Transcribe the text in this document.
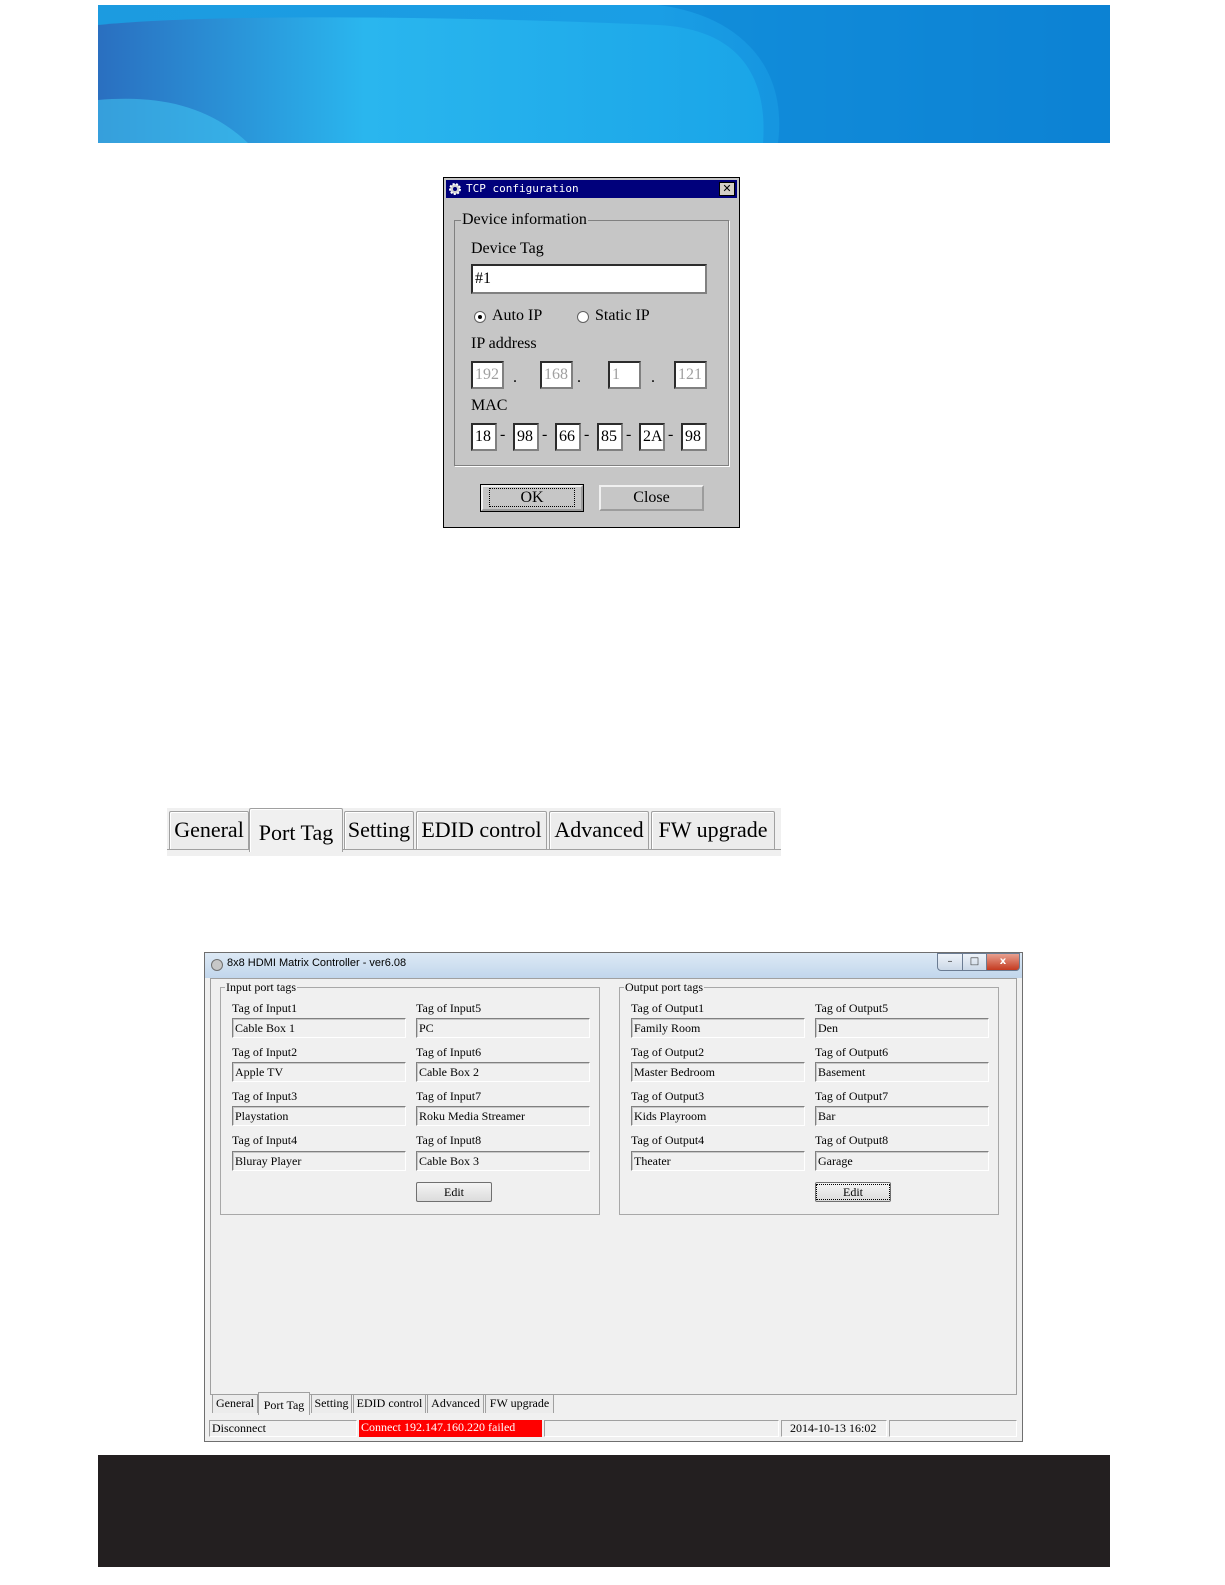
TCP configuration	✕
Device information
Device Tag
#1
Auto IP	Static IP
IP address
192 . 168 . 1	. 121
MAC
18 - 98 - 66 - 85 - 2A - 98
OK	Close
General Port Tag Setting EDID control Advanced FW upgrade
8x8 HDMI Matrix Controller - ver6.08	–	□	x
Input port tags
Tag of Input1
Cable Box 1
Tag of Input2
Apple TV
Tag of Input3
Playstation
Tag of Input4
Bluray Player
Tag of Input5
PC
Tag of Input6
Cable Box 2
Tag of Input7
Roku Media Streamer
Tag of Input8
Cable Box 3
Edit
Output port tags
Tag of Output1
Family Room
Tag of Output2
Master Bedroom
Tag of Output3
Kids Playroom
Tag of Output4
Theater
Tag of Output5
Den
Tag of Output6
Basement
Tag of Output7
Bar
Tag of Output8
Garage
Edit
General Port Tag Setting EDID control Advanced FW upgrade
Disconnect	Connect 192.147.160.220 failed	2014-10-13 16:02
